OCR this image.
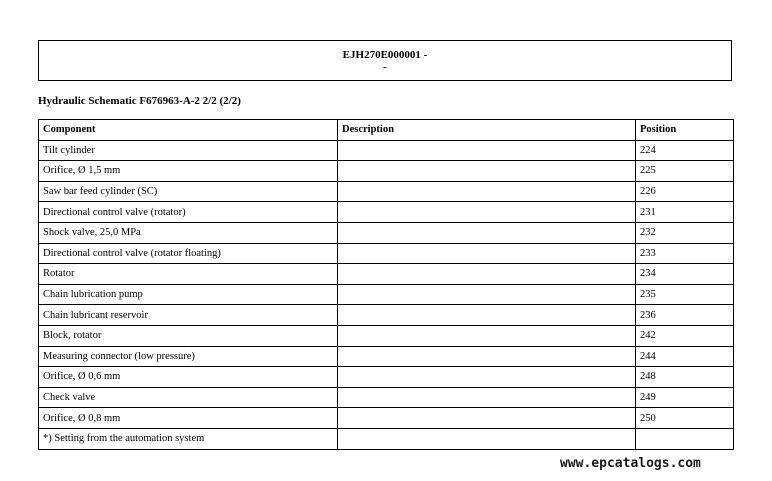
EJH270E000001 -
-
Hydraulic Schematic F676963-A-2 2/2 (2/2)
Component	Description	Position
Tilt cylinder		224
Orifice, Ø 1,5 mm		225
Saw bar feed cylinder (SC)		226
Directional control valve (rotator)		231
Shock valve, 25,0 MPa		232
Directional control valve (rotator floating)		233
Rotator		234
Chain lubrication pump		235
Chain lubricant reservoir		236
Block, rotator		242
Measuring connector (low pressure)		244
Orifice, Ø 0,6 mm		248
Check valve		249
Orifice, Ø 0,8 mm		250
*) Setting from the automation system		
www.epcatalogs.com
